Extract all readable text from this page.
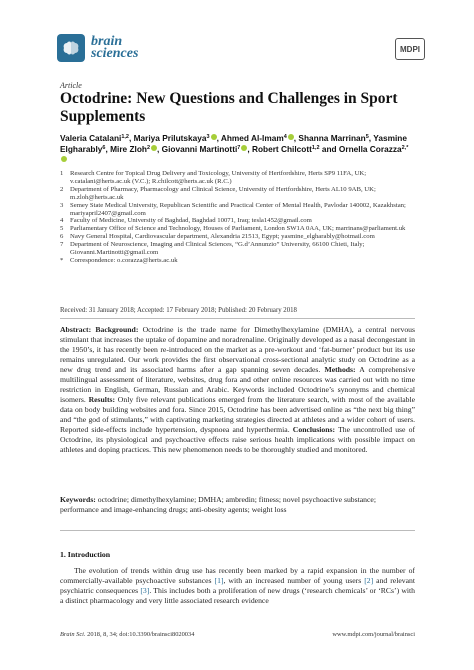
brain
sciences	MDPI
Article
Octodrine: New Questions and Challenges in Sport Supplements
Valeria Catalani$^{1,2}$, Mariya Prilutskaya$^3$ , Ahmed Al-Imam$^4$ , Shanna Marrinan$^5$, Yasmine Elgharably$^6$, Mire Zloh$^2$ , Giovanni Martinotti$^7$ , Robert Chilcott$^{1,2}$ and Ornella Corazza$^{2,*}$
1 Research Centre for Topical Drug Delivery and Toxicology, University of Hertfordshire, Herts SP9 11FA, UK; v.catalani@herts.ac.uk (V.C.); R.chilcott@herts.ac.uk (R.C.)
2 Department of Pharmacy, Pharmacology and Clinical Science, University of Hertfordshire, Herts AL10 9AB, UK; m.zloh@herts.ac.uk
3 Semey State Medical University, Republican Scientific and Practical Center of Mental Health, Pavlodar 140002, Kazakhstan; mariyapril2407@gmail.com
4 Faculty of Medicine, University of Baghdad, Baghdad 10071, Iraq; tesla1452@gmail.com
5 Parliamentary Office of Science and Technology, Houses of Parliament, London SW1A 0AA, UK; marrinans@parliament.uk
6 Navy General Hospital, Cardiovascular department, Alexandria 21513, Egypt; yasmine_elgharably@hotmail.com
7 Department of Neuroscience, Imaging and Clinical Sciences, “G.d’Annunzio” University, 66100 Chieti, Italy; Giovanni.Martinotti@gmail.com
* Correspondence: o.corazza@herts.ac.uk
Received: 31 January 2018; Accepted: 17 February 2018; Published: 20 February 2018

Abstract: Background: Octodrine is the trade name for Dimethylhexylamine (DMHA), a central nervous stimulant that increases the uptake of dopamine and noradrenaline. Originally developed as a nasal decongestant in the 1950’s, it has recently been re-introduced on the market as a pre-workout and ‘fat-burner’ product but its use remains unregulated. Our work provides the first observational cross-sectional analytic study on Octodrine as a new drug trend and its associated harms after a gap spanning seven decades. Methods: A comprehensive multilingual assessment of literature, websites, drug fora and other online resources was carried out with no time restriction in English, German, Russian and Arabic. Keywords included Octodrine’s synonyms and chemical isomers. Results: Only five relevant publications emerged from the literature search, with most of the available data on body building websites and fora. Since 2015, Octodrine has been advertised online as “the next big thing” and “the god of stimulants,” with captivating marketing strategies directed at athletes and a wider cohort of users. Reported side-effects include hypertension, dyspnoea and hyperthermia. Conclusions: The uncontrolled use of Octodrine, its physiological and psychoactive effects raise serious health implications with possible impact on athletes and doping practices. This new phenomenon needs to be thoroughly studied and monitored.

Keywords: octodrine; dimethylhexylamine; DMHA; ambredin; fitness; novel psychoactive substance; performance and image-enhancing drugs; anti-obesity agents; weight loss

1. Introduction

The evolution of trends within drug use has recently been marked by a rapid expansion in the number of commercially-available psychoactive substances [1], with an increased number of young users [2] and relevant psychiatric consequences [3]. This includes both a proliferation of new drugs (‘research chemicals’ or ‘RCs’) with a distinct pharmacology and very little associated research evidence

Brain Sci. 2018, 8, 34; doi:10.3390/brainsci8020034	www.mdpi.com/journal/brainsci
